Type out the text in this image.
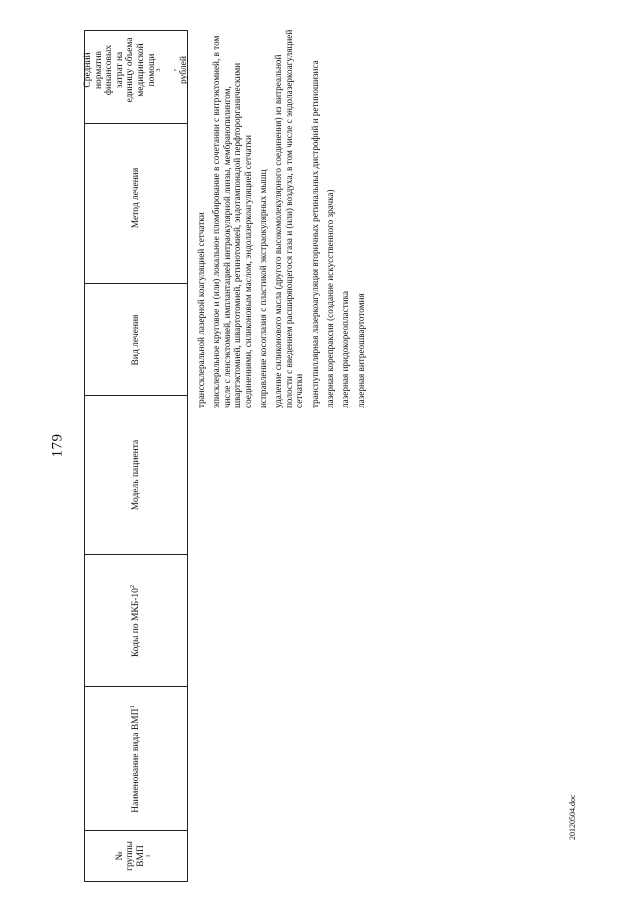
179
№ группы ВМП
$^1$
Наименование вида ВМП$^1$
Коды по МКБ-$10^2$
Модель пациента
Вид лечения
Метод лечения
Средний норматив финансовых затрат на единицу объема медицинской помощи
$^3$ , рублей

транссклеральной лазерной коагуляцией сетчатки эписклеральное круговое и (или) локальное пломбирование в сочетании с витрэктомией, в том числе с ленсэктомией, имплантацией интраокулярной линзы, мембранопилингом, швартэктомией, швартотомией, ретинотомией, эндотампонадой перфторорганическими соединениями, силиконовым маслом, эндолазеркоагуляцией сетчатки исправление косоглазия с пластикой экстраокулярных мышц удаление силиконового масла (другого высокомолекулярного соединения) из витреальной полости с введением расширяющегося газа и (или) воздуха, в том числе с эндолазеркоагуляцией сетчатки транспупиллярная лазеркоагуляция вторичных ретинальных дистрофий и ретиношизиса лазерная корепраксия (создание искусственного зрачка) лазерная иридокореопластика лазерная витреошвартотомия

20120504.doc
